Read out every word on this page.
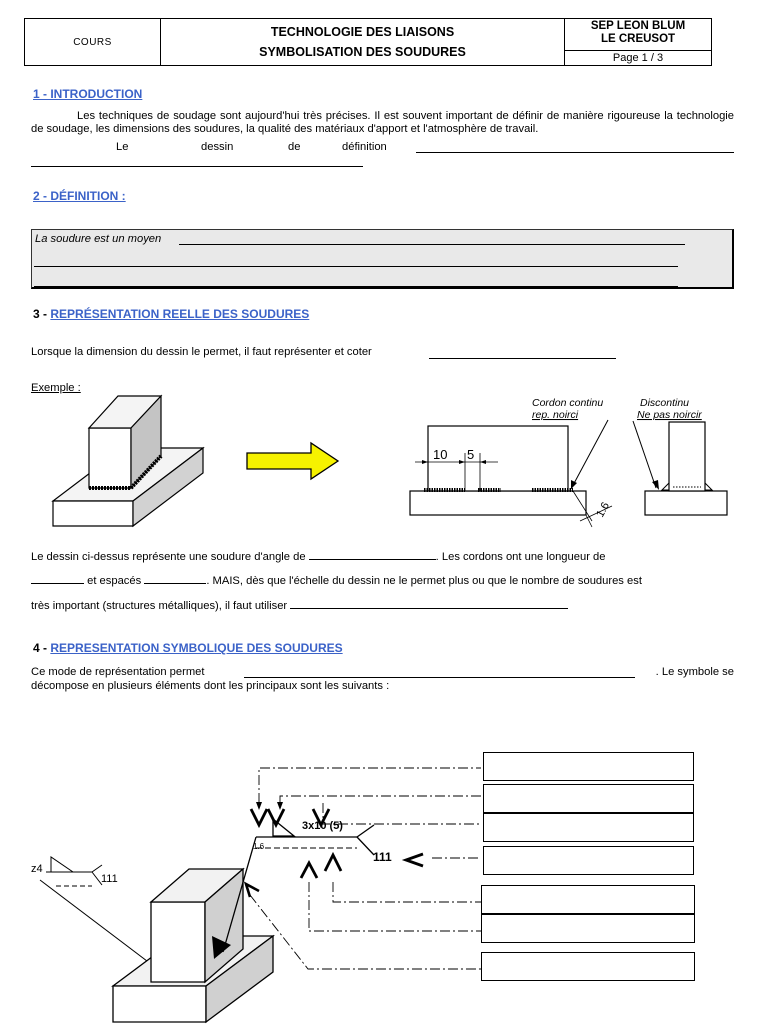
COURS
TECHNOLOGIE DES LIAISONS
SYMBOLISATION DES SOUDURES
SEP LEON BLUM
LE CREUSOT
Page 1 / 3
1 - INTRODUCTION
Les techniques de soudage sont aujourd'hui très précises. Il est souvent important de définir de manière rigoureuse la technologie de soudage, les dimensions des soudures, la qualité des matériaux d'apport et l'atmosphère de travail.
Le	dessin	de	définition
2 - DÉFINITION :
La soudure est un moyen
3 - REPRÉSENTATION REELLE DES SOUDURES
Lorsque la dimension du dessin le permet, il faut représenter et coter
Exemple :
Cordon continu
rep. noirci
Discontinu
Ne pas noircir
10 5
1.6
Le dessin ci-dessus représente une soudure d'angle de	. Les cordons ont une longueur de
et espacés	. MAIS, dès que l'échelle du dessin ne le permet plus ou que le nombre de soudures est
très important (structures métalliques), il faut utiliser
4 - REPRESENTATION SYMBOLIQUE DES SOUDURES
Ce mode de représentation permet	. Le symbole se
décompose en plusieurs éléments dont les principaux sont les suivants :
z4
111
1.6
3x10 (5)
111
